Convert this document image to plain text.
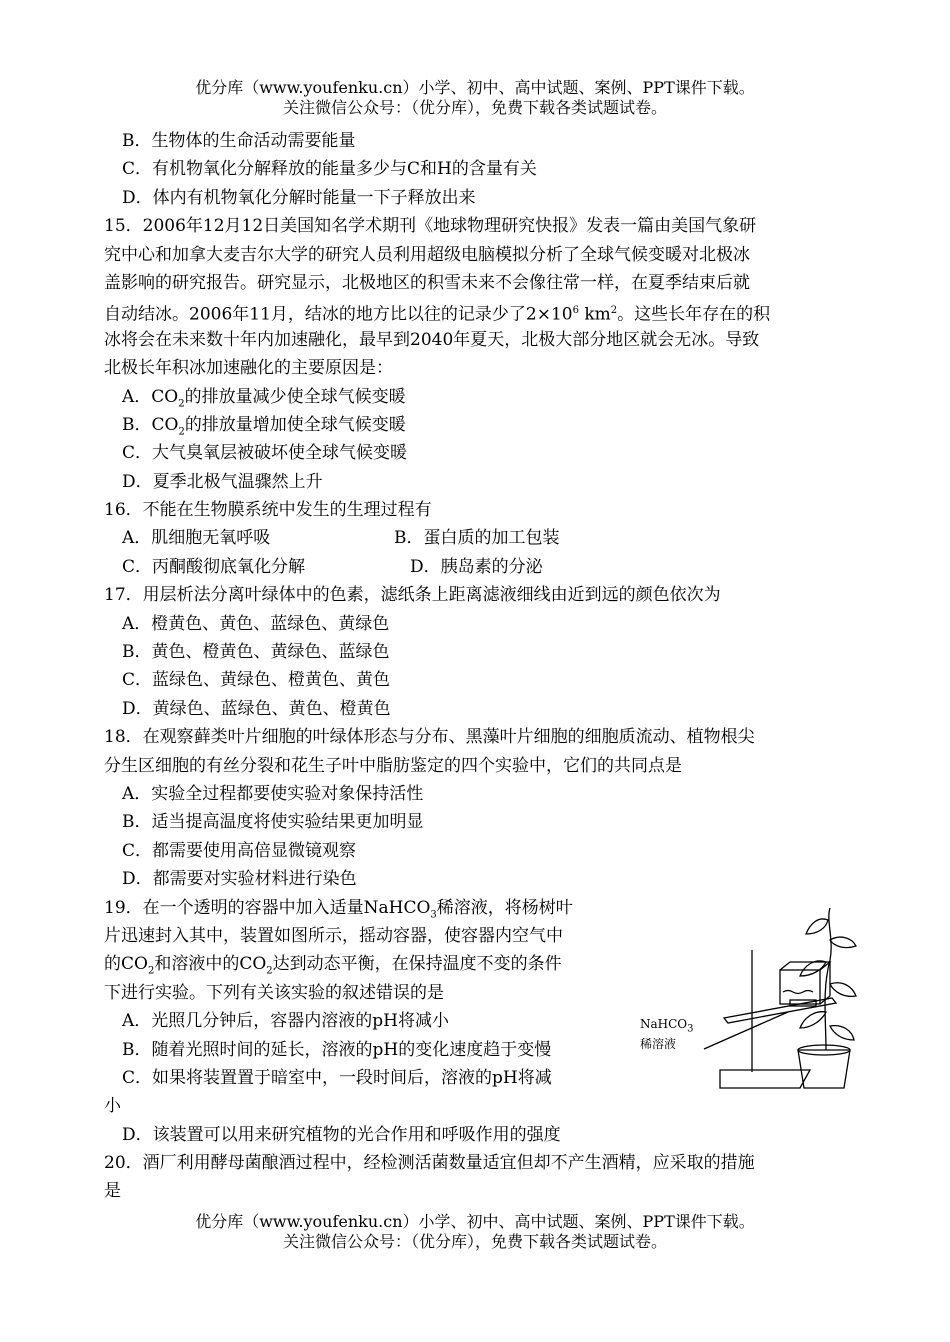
优分库（www.youfenku.cn）小学、初中、高中试题、案例、PPT课件下载。
关注微信公众号：（优分库），免费下载各类试题试卷。
B．生物体的生命活动需要能量
C．有机物氧化分解释放的能量多少与C和H的含量有关
D．体内有机物氧化分解时能量一下子释放出来
15．2006年12月12日美国知名学术期刊《地球物理研究快报》发表一篇由美国气象研
究中心和加拿大麦吉尔大学的研究人员利用超级电脑模拟分析了全球气候变暖对北极冰
盖影响的研究报告。研究显示，北极地区的积雪未来不会像往常一样，在夏季结束后就
自动结冰。2006年11月，结冰的地方比以往的记录少了$2\times 10^6$ $km^2$。这些长年存在的积
冰将会在未来数十年内加速融化，最早到2040年夏天，北极大部分地区就会无冰。导致
北极长年积冰加速融化的主要原因是：
A．$CO_2$的排放量减少使全球气候变暖
B．$CO_2$的排放量增加使全球气候变暖
C．大气臭氧层被破坏使全球气候变暖
D．夏季北极气温骤然上升
16．不能在生物膜系统中发生的生理过程有
A．肌细胞无氧呼吸	B．蛋白质的加工包装
C．丙酮酸彻底氧化分解	D．胰岛素的分泌
17．用层析法分离叶绿体中的色素，滤纸条上距离滤液细线由近到远的颜色依次为
A．橙黄色、黄色、蓝绿色、黄绿色
B．黄色、橙黄色、黄绿色、蓝绿色
C．蓝绿色、黄绿色、橙黄色、黄色
D．黄绿色、蓝绿色、黄色、橙黄色
18．在观察藓类叶片细胞的叶绿体形态与分布、黑藻叶片细胞的细胞质流动、植物根尖
分生区细胞的有丝分裂和花生子叶中脂肪鉴定的四个实验中，它们的共同点是
A．实验全过程都要使实验对象保持活性
B．适当提高温度将使实验结果更加明显
C．都需要使用高倍显微镜观察
D．都需要对实验材料进行染色
19．在一个透明的容器中加入适量NaHCO$_3$稀溶液，将杨树叶
片迅速封入其中，装置如图所示，摇动容器，使容器内空气中
的$CO_2$和溶液中的$CO_2$达到动态平衡，在保持温度不变的条件
下进行实验。下列有关该实验的叙述错误的是
A．光照几分钟后，容器内溶液的pH将减小
B．随着光照时间的延长，溶液的pH的变化速度趋于变慢
C．如果将装置置于暗室中，一段时间后，溶液的pH将减
小
D．该装置可以用来研究植物的光合作用和呼吸作用的强度
20．酒厂利用酵母菌酿酒过程中，经检测活菌数量适宜但却不产生酒精，应采取的措施
是
NaHCO$_3$
稀溶液
优分库（www.youfenku.cn）小学、初中、高中试题、案例、PPT课件下载。
关注微信公众号：（优分库），免费下载各类试题试卷。
